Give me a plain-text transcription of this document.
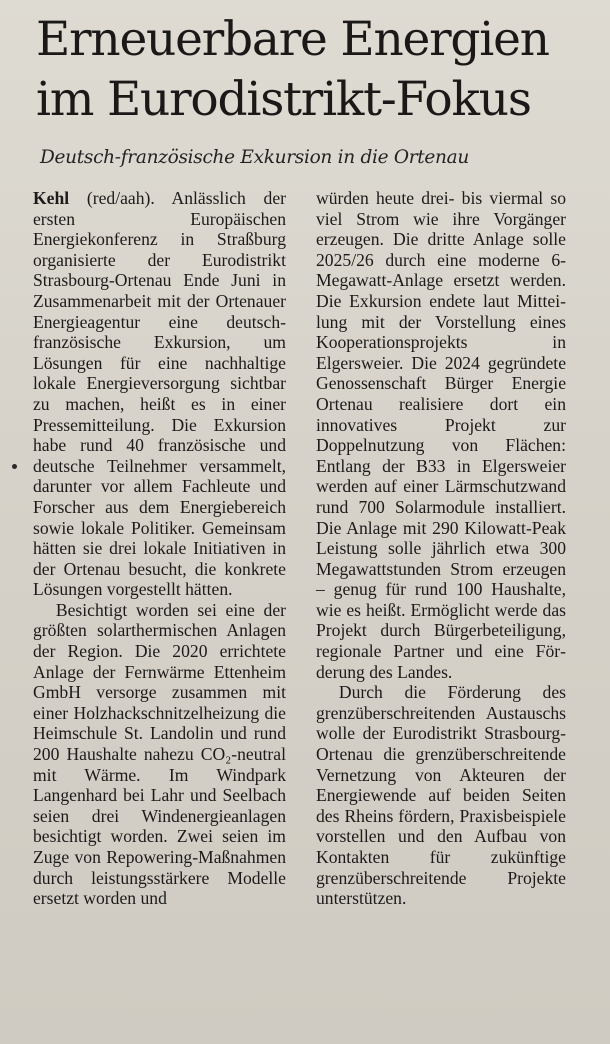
Erneuerbare Energien im Eurodistrikt-Fokus
Deutsch-französische Exkursion in die Ortenau

Kehl (red/aah). Anlässlich der ersten Europäischen Energiekonferenz in Straßburg organisierte der Eurodistrikt Strasbourg-Ortenau Ende Juni in Zusammenarbeit mit der Ortenauer Energieagentur eine deutsch-französische Exkursion, um Lösungen für eine nachhaltige lokale Energieversorgung sichtbar zu machen, heißt es in einer Pressemitteilung. Die Exkursion habe rund 40 französische und deutsche Teilnehmer versammelt, darunter vor allem Fachleute und Forscher aus dem Energiebereich sowie lokale Politiker. Gemeinsam hätten sie drei lokale Initiativen in der Ortenau besucht, die konkrete Lösungen vorgestellt hätten.

Besichtigt worden sei eine der größten solarthermischen Anlagen der Region. Die 2020 errichtete Anlage der Fernwärme Ettenheim GmbH versorge zusammen mit einer Holzhackschnitzelheizung die Heimschule St. Landolin und rund 200 Haushalte nahezu CO₂-neutral mit Wärme. Im Windpark Langenhard bei Lahr und Seelbach seien drei Windenergieanlagen besichtigt worden. Zwei seien im Zuge von Repowering-Maßnahmen durch leistungsstärkere Modelle ersetzt worden und

würden heute drei- bis viermal so viel Strom wie ihre Vorgänger erzeugen. Die dritte Anlage solle 2025/26 durch eine moderne 6-Megawatt-Anlage ersetzt werden. Die Exkursion endete laut Mitteilung mit der Vorstellung eines Kooperationsprojekts in Elgersweier. Die 2024 gegründete Genossenschaft Bürger Energie Ortenau realisiere dort ein innovatives Projekt zur Doppelnutzung von Flächen: Entlang der B33 in Elgersweier werden auf einer Lärmschutzwand rund 700 Solarmodule installiert. Die Anlage mit 290 Kilowatt-Peak Leistung solle jährlich etwa 300 Megawattstunden Strom erzeugen – genug für rund 100 Haushalte, wie es heißt. Ermöglicht werde das Projekt durch Bürgerbeteiligung, regionale Partner und eine Förderung des Landes.

Durch die Förderung des grenzüberschreitenden Austauschs wolle der Eurodistrikt Strasbourg-Ortenau die grenzüberschreitende Vernetzung von Akteuren der Energiewende auf beiden Seiten des Rheins fördern, Praxisbeispiele vorstellen und den Aufbau von Kontakten für zukünftige grenzüberschreitende Projekte unterstützen.
